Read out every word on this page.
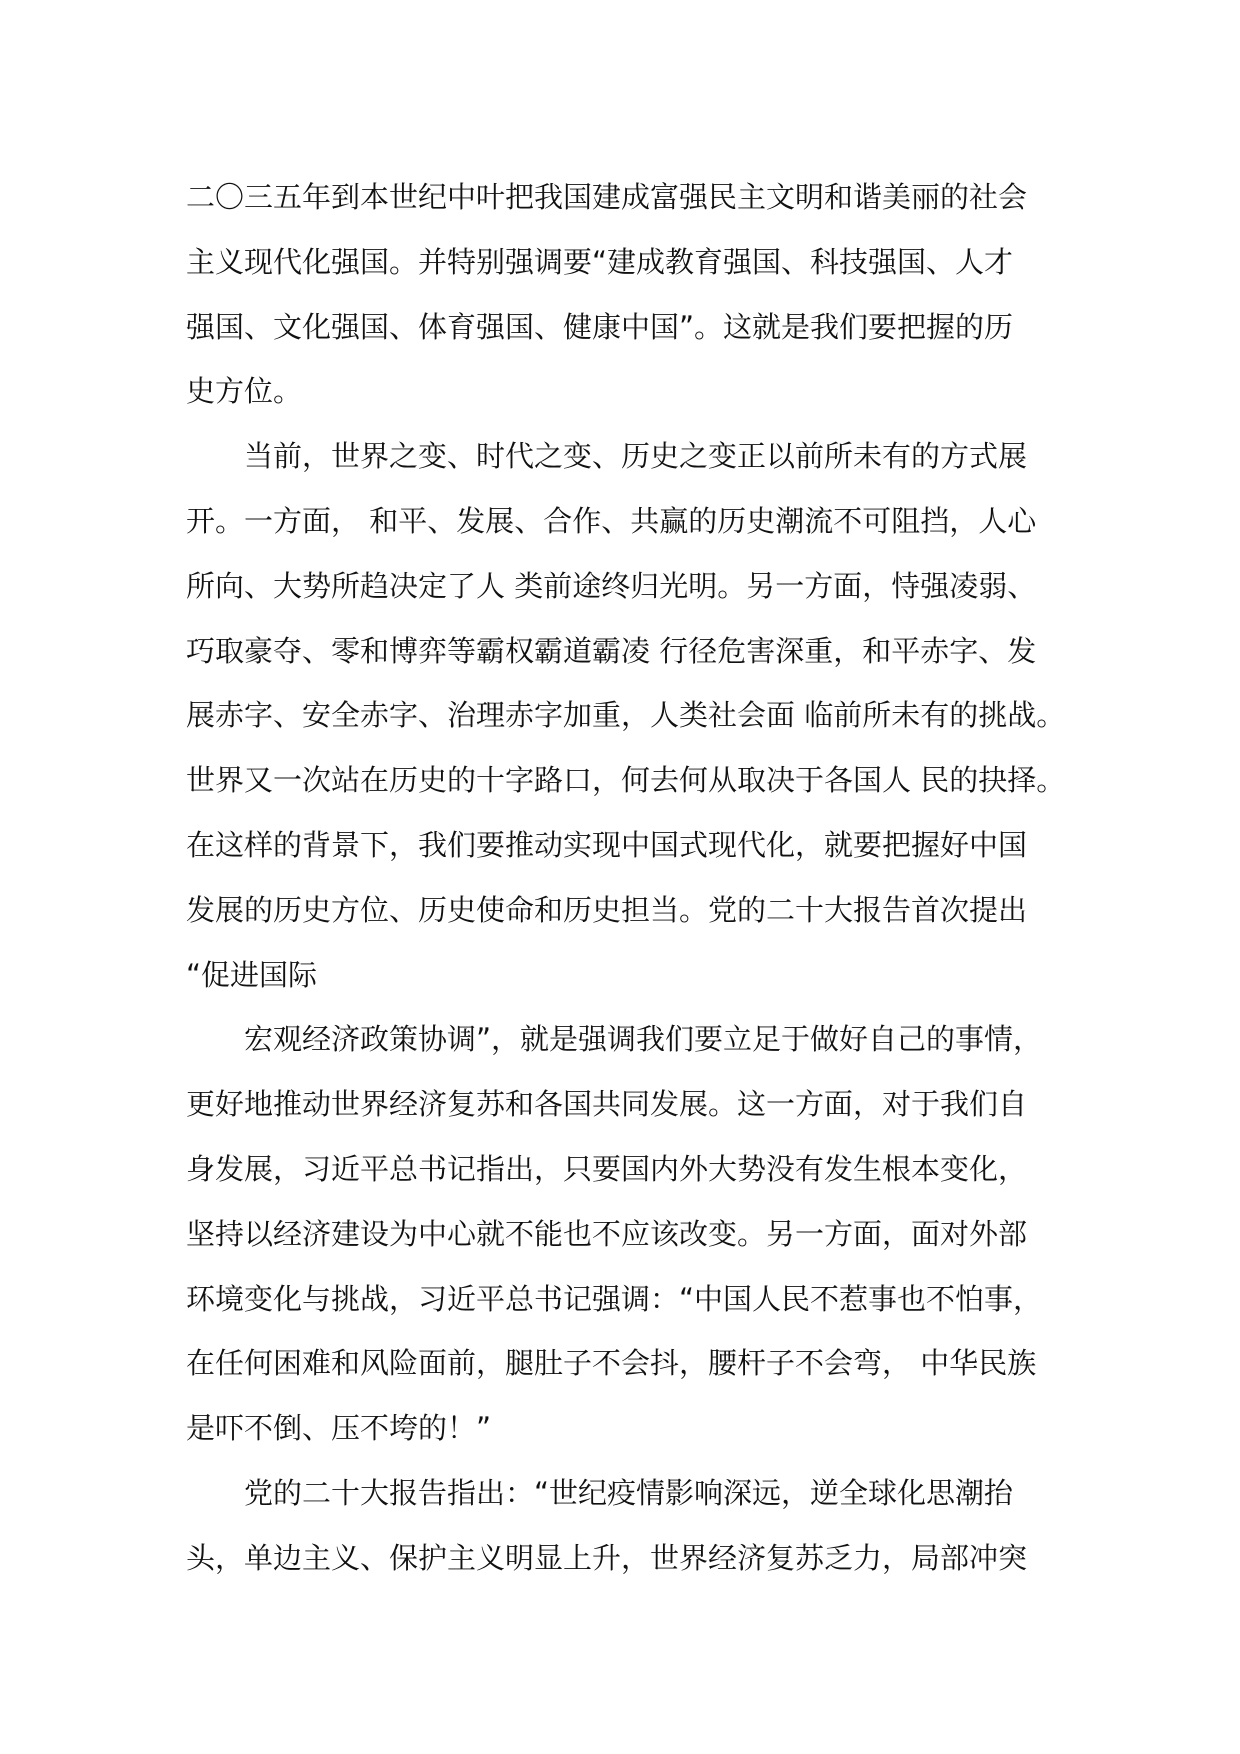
二〇三五年到本世纪中叶把我国建成富强民主文明和谐美丽的社会
主义现代化强国。并特别强调要“建成教育强国、科技强国、人才
强国、文化强国、体育强国、健康中国”。这就是我们要把握的历
史方位。
当前，世界之变、时代之变、历史之变正以前所未有的方式展
开。一方面， 和平、发展、合作、共赢的历史潮流不可阻挡，人心
所向、大势所趋决定了人 类前途终归光明。另一方面，恃强凌弱、
巧取豪夺、零和博弈等霸权霸道霸凌 行径危害深重，和平赤字、发
展赤字、安全赤字、治理赤字加重，人类社会面 临前所未有的挑战。
世界又一次站在历史的十字路口，何去何从取决于各国人 民的抉择。
在这样的背景下，我们要推动实现中国式现代化，就要把握好中国
发展的历史方位、历史使命和历史担当。党的二十大报告首次提出
“促进国际
宏观经济政策协调”，就是强调我们要立足于做好自己的事情，
更好地推动世界经济复苏和各国共同发展。这一方面，对于我们自
身发展，习近平总书记指出，只要国内外大势没有发生根本变化，
坚持以经济建设为中心就不能也不应该改变。另一方面，面对外部
环境变化与挑战，习近平总书记强调：“中国人民不惹事也不怕事，
在任何困难和风险面前，腿肚子不会抖，腰杆子不会弯， 中华民族
是吓不倒、压不垮的！”
党的二十大报告指出：“世纪疫情影响深远，逆全球化思潮抬
头，单边主义、保护主义明显上升，世界经济复苏乏力，局部冲突
